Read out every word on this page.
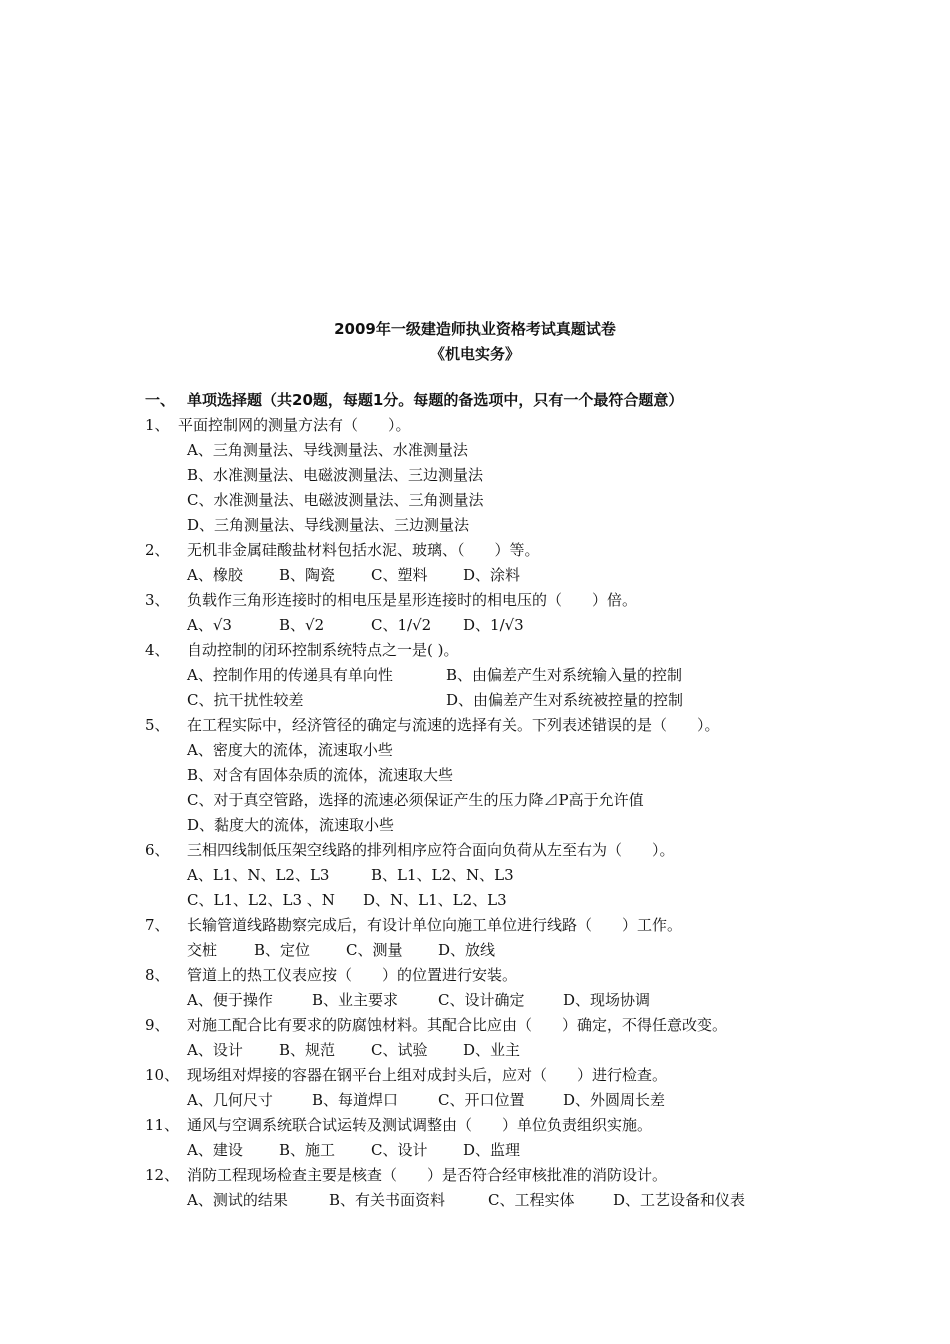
2009年一级建造师执业资格考试真题试卷
《机电实务》
一、 单项选择题（共20题，每题1分。每题的备选项中，只有一个最符合题意）
1、 平面控制网的测量方法有（　　）。
A、三角测量法、导线测量法、水准测量法
B、水准测量法、电磁波测量法、三边测量法
C、水准测量法、电磁波测量法、三角测量法
D、三角测量法、导线测量法、三边测量法
2、 无机非金属硅酸盐材料包括水泥、玻璃、（　　）等。
A、橡胶 B、陶瓷 C、塑料 D、涂料
3、 负载作三角形连接时的相电压是星形连接时的相电压的（　　）倍。
A、√3	B、√2	C、1/√2 D、1/√3
4、 自动控制的闭环控制系统特点之一是( )。
A、控制作用的传递具有单向性	B、由偏差产生对系统输入量的控制
C、抗干扰性较差	D、由偏差产生对系统被控量的控制
5、 在工程实际中，经济管径的确定与流速的选择有关。下列表述错误的是（　　）。
A、密度大的流体，流速取小些
B、对含有固体杂质的流体，流速取大些
C、对于真空管路，选择的流速必须保证产生的压力降⊿P高于允许值
D、黏度大的流体，流速取小些
6、 三相四线制低压架空线路的排列相序应符合面向负荷从左至右为（　　）。
A、L1、N、L2、L3	B、L1、L2、N、L3
C、L1、L2、L3 、N D、N、L1、L2、L3
7、 长输管道线路勘察完成后，有设计单位向施工单位进行线路（　　）工作。
交桩 B、定位 C、测量 D、放线
8、 管道上的热工仪表应按（　　）的位置进行安装。
A、便于操作	B、业主要求	C、设计确定	D、现场协调
9、 对施工配合比有要求的防腐蚀材料。其配合比应由（　　）确定，不得任意改变。
A、设计 B、规范 C、试验 D、业主
10、 现场组对焊接的容器在钢平台上组对成封头后，应对（　　）进行检查。
A、几何尺寸	B、每道焊口	C、开口位置	D、外圆周长差
11、 通风与空调系统联合试运转及测试调整由（　　）单位负责组织实施。
A、建设 B、施工 C、设计 D、监理
12、 消防工程现场检查主要是核查（　　）是否符合经审核批准的消防设计。
A、测试的结果	B、有关书面资料	C、工程实体	D、工艺设备和仪表
